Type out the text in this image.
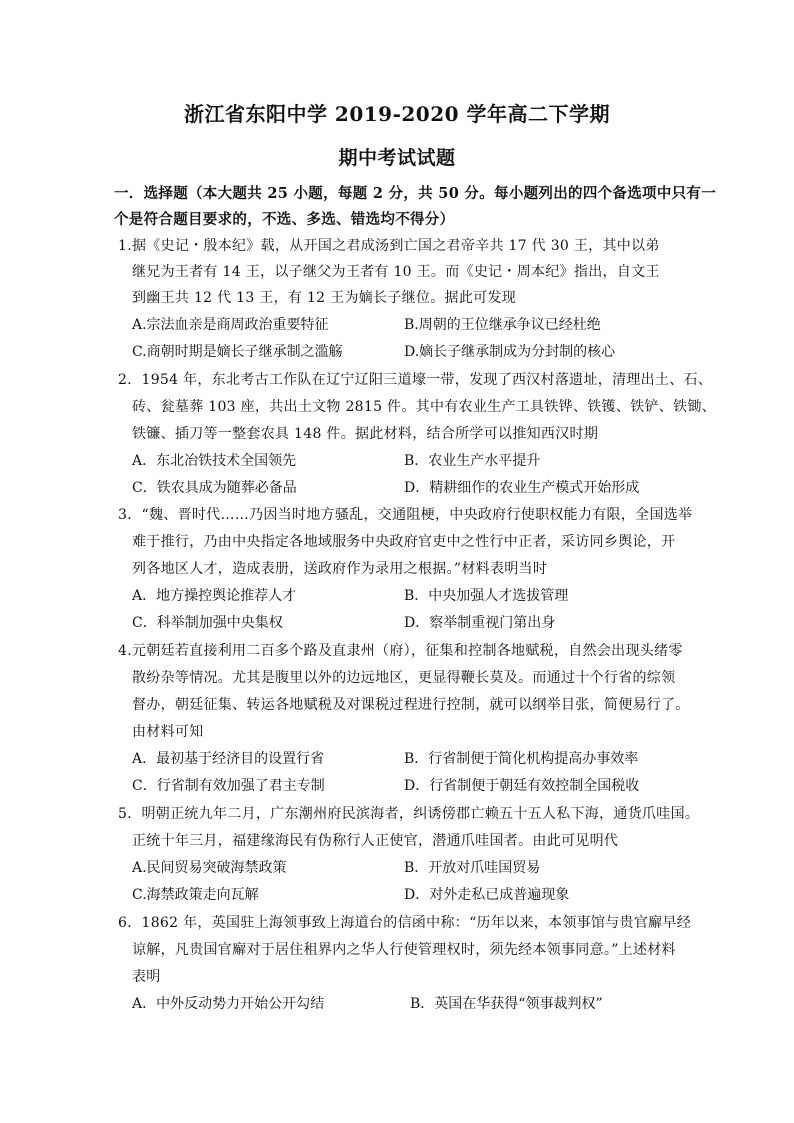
浙江省东阳中学 2019-2020 学年高二下学期
期中考试试题
一．选择题（本大题共 25 小题，每题 2 分，共 50 分。每小题列出的四个备选项中只有一
个是符合题目要求的，不选、多选、错选均不得分）
1.据《史记・殷本纪》载，从开国之君成汤到亡国之君帝辛共 17 代 30 王，其中以弟
继兄为王者有 14 王，以子继父为王者有 10 王。而《史记・周本纪》指出，自文王
到幽王共 12 代 13 王，有 12 王为嫡长子继位。据此可发现
A.宗法血亲是商周政治重要特征	B.周朝的王位继承争议已经杜绝
C.商朝时期是嫡长子继承制之滥觞	D.嫡长子继承制成为分封制的核心
2．1954 年，东北考古工作队在辽宁辽阳三道壕一带，发现了西汉村落遗址，清理出土、石、
砖、瓮墓葬 103 座，共出土文物 2815 件。其中有农业生产工具铁铧、铁镬、铁铲、铁锄、
铁镰、插刀等一整套农具 148 件。据此材料，结合所学可以推知西汉时期
A．东北冶铁技术全国领先	B．农业生产水平提升
C．铁农具成为随葬必备品	D．精耕细作的农业生产模式开始形成
3．“魏、晋时代……乃因当时地方骚乱，交通阻梗，中央政府行使职权能力有限，全国选举
难于推行，乃由中央指定各地域服务中央政府官吏中之性行中正者，采访同乡舆论，开
列各地区人才，造成表册，送政府作为录用之根据。”材料表明当时
A．地方操控舆论推荐人才	B．中央加强人才选拔管理
C．科举制加强中央集权	D．察举制重视门第出身
4.元朝廷若直接利用二百多个路及直隶州（府），征集和控制各地赋税，自然会出现头绪零
散纷杂等情况。尤其是腹里以外的边远地区，更显得鞭长莫及。而通过十个行省的综领
督办，朝廷征集、转运各地赋税及对课税过程进行控制，就可以纲举目张，简便易行了。
由材料可知
A．最初基于经济目的设置行省	B．行省制便于简化机构提高办事效率
C．行省制有效加强了君主专制	D．行省制便于朝廷有效控制全国税收
5．明朝正统九年二月，广东潮州府民滨海者，纠诱傍郡亡赖五十五人私下海，通货爪哇国。
正统十年三月，福建缘海民有伪称行人正使官，潜通爪哇国者。由此可见明代
A.民间贸易突破海禁政策	B．开放对爪哇国贸易
C.海禁政策走向瓦解	D．对外走私已成普遍现象
6．1862 年，英国驻上海领事致上海道台的信函中称：“历年以来，本领事馆与贵官廨早经
谅解，凡贵国官廨对于居住租界内之华人行使管理权时，须先经本领事同意。”上述材料
表明
A．中外反动势力开始公开勾结	B．英国在华获得“领事裁判权”
